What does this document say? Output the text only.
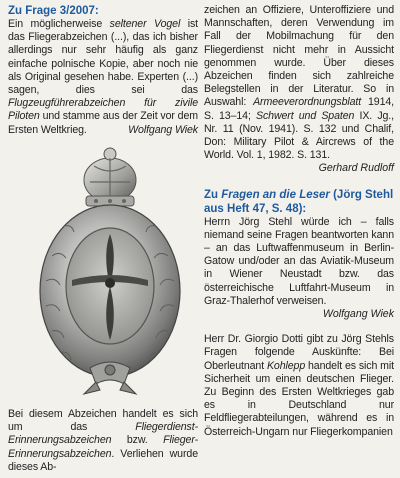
Zu Frage 3/2007:

Ein möglicherweise seltener Vogel ist das Fliegerabzeichen (...), das ich bisher allerdings nur sehr häufig als ganz einfache polnische Kopie, aber noch nie als Original gesehen habe. Experten (...) sagen, dies sei das Flugzeugführerabzeichen für zivile Piloten und stamme aus der Zeit vor dem Ersten Weltkrieg.	Wolfgang Wiek

Bei diesem Abzeichen handelt es sich um das Fliegerdienst-Erinnerungsabzeichen bzw. Flieger-Erinnerungsabzeichen. Verliehen wurde dieses Ab-

zeichen an Offiziere, Unteroffiziere und Mannschaften, deren Verwendung im Fall der Mobilmachung für den Fliegerdienst nicht mehr in Aussicht genommen wurde. Über dieses Abzeichen finden sich zahlreiche Belegstellen in der Literatur. So in Auswahl: Armeeverordnungsblatt 1914, S. 13–14; Schwert und Spaten IX. Jg., Nr. 11 (Nov. 1941). S. 132 und Chalif, Don: Military Pilot & Aircrews of the World. Vol. 1, 1982. S. 131.

Gerhard Rudloff
Zu Fragen an die Leser (Jörg Stehl aus Heft 47, S. 48):

Herrn Jörg Stehl würde ich – falls niemand seine Fragen beantworten kann – an das Luftwaffenmuseum in Berlin-Gatow und/oder an das Aviatik-Museum in Wiener Neustadt bzw. das österreichische Luftfahrt-Museum in Graz-Thalerhof verweisen.

Wolfgang Wiek

Herr Dr. Giorgio Dotti gibt zu Jörg Stehls Fragen folgende Auskünfte: Bei Oberleutnant Kohlepp handelt es sich mit Sicherheit um einen deutschen Flieger. Zu Beginn des Ersten Weltkrieges gab es in Deutschland nur Feldfliegerabteilungen, während es in Österreich-Ungarn nur Fliegerkompanien
